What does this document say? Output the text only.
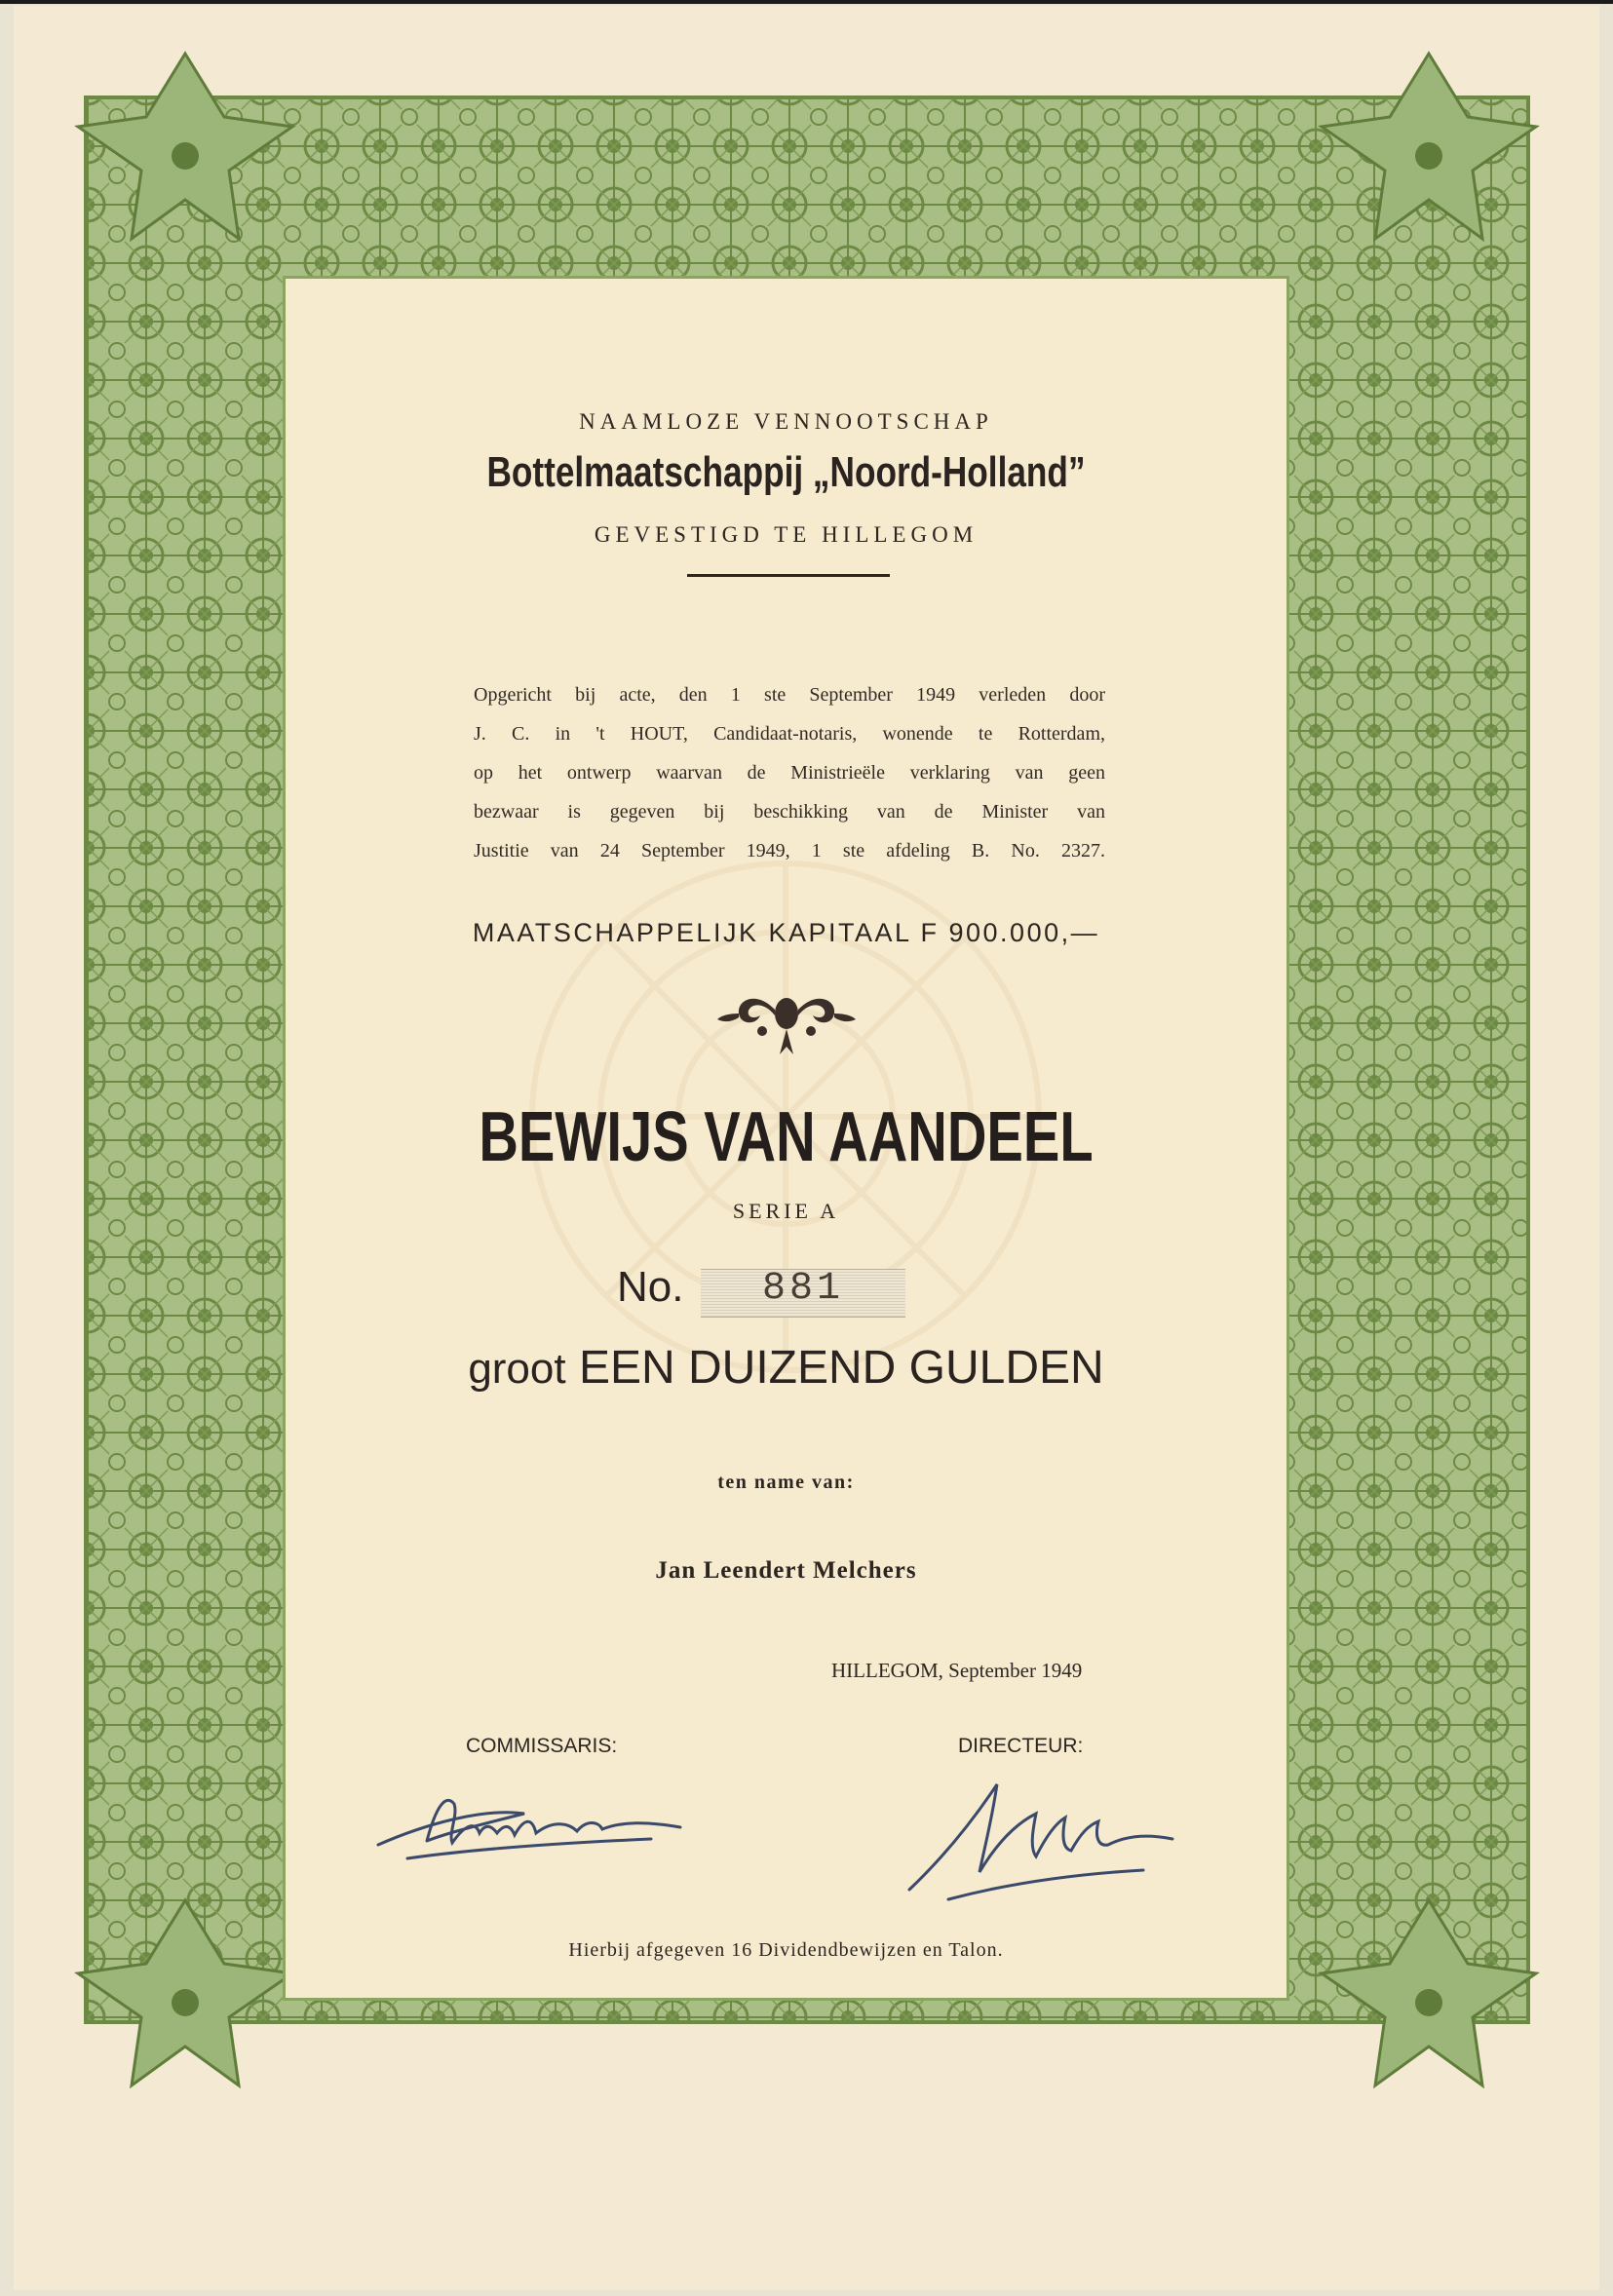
NAAMLOZE VENNOOTSCHAP
Bottelmaatschappij „Noord-Holland”
GEVESTIGD TE HILLEGOM
Opgericht bij acte, den 1 ste September 1949 verleden door
J. C. in 't HOUT, Candidaat-notaris, wonende te Rotterdam,
op het ontwerp waarvan de Ministrieële verklaring van geen
bezwaar is gegeven bij beschikking van de Minister van
Justitie van 24 September 1949, 1 ste afdeling B. No. 2327.
MAATSCHAPPELIJK KAPITAAL F 900.000,—
BEWIJS VAN AANDEEL
SERIE A
No.	881
groot EEN DUIZEND GULDEN
ten name van:
Jan Leendert Melchers
HILLEGOM, September 1949
COMMISSARIS:	DIRECTEUR:
Hierbij afgegeven 16 Dividendbewijzen en Talon.
